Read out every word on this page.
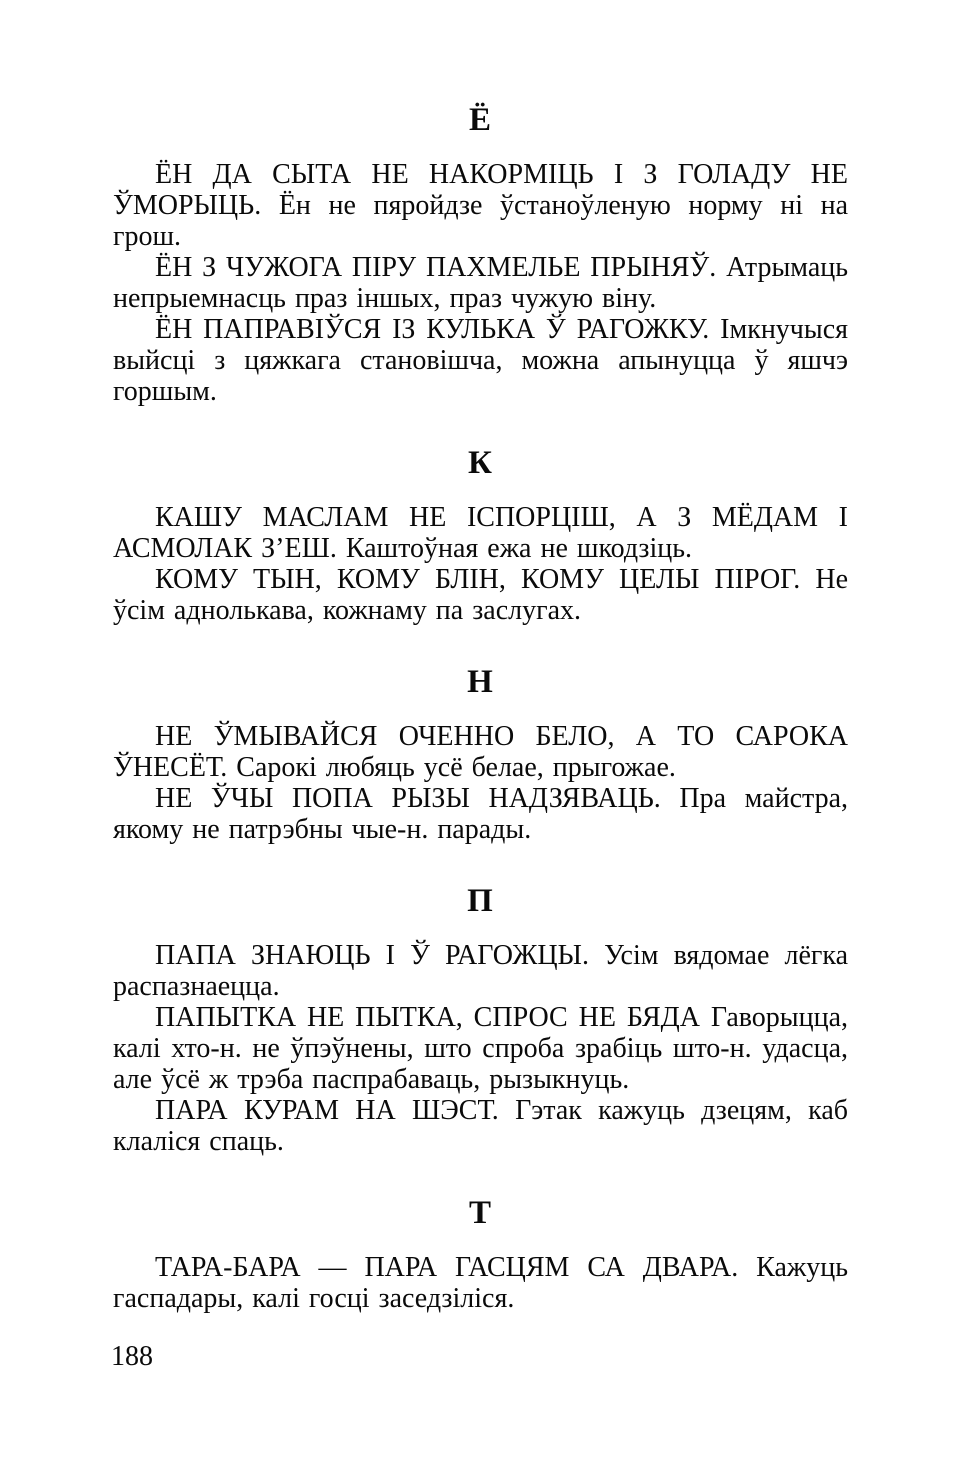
Ё

ЁН ДА СЫТА НЕ НАКОРМІЦЬ І З ГОЛАДУ НЕ ЎМОРЫЦЬ. Ён не пяройдзе ўстаноўленую норму ні на грош.

ЁН З ЧУЖОГА ПІРУ ПАХМЕЛЬЕ ПРЫНЯЎ. Атрымаць непрыемнасць праз іншых, праз чужую віну.

ЁН ПАПРАВІЎСЯ ІЗ КУЛЬКА Ў РАГОЖКУ. Імкнучыся выйсці з цяжкага становішча, можна апынуцца ў яшчэ горшым.

К

КАШУ МАСЛАМ НЕ ІСПОРЦІШ, А З МЁДАМ І АСМОЛАК З’ЕШ. Каштоўная ежа не шкодзіць.

КОМУ ТЫН, КОМУ БЛІН, КОМУ ЦЕЛЫ ПІРОГ. Не ўсім аднолькава, кожнаму па заслугах.

Н

НЕ ЎМЫВАЙСЯ ОЧЕННО БЕЛО, А ТО САРОКА ЎНЕСЁТ. Сарокі любяць усё белае, прыгожае.

НЕ ЎЧЫ ПОПА РЫЗЫ НАДЗЯВАЦЬ. Пра майстра, якому не патрэбны чые-н. парады.

П

ПАПА ЗНАЮЦЬ І Ў РАГОЖЦЫ. Усім вядомае лёгка распазнаецца.

ПАПЫТКА НЕ ПЫТКА, СПРОС НЕ БЯДА Гаворыцца, калі хто-н. не ўпэўнены, што спроба зрабіць што-н. удасца, але ўсё ж трэба паспрабаваць, рызыкнуць.

ПАРА КУРАМ НА ШЭСТ. Гэтак кажуць дзецям, каб клаліся спаць.

Т

ТАРА-БАРА — ПАРА ГАСЦЯМ СА ДВАРА. Кажуць гаспадары, калі госці заседзіліся.

188
